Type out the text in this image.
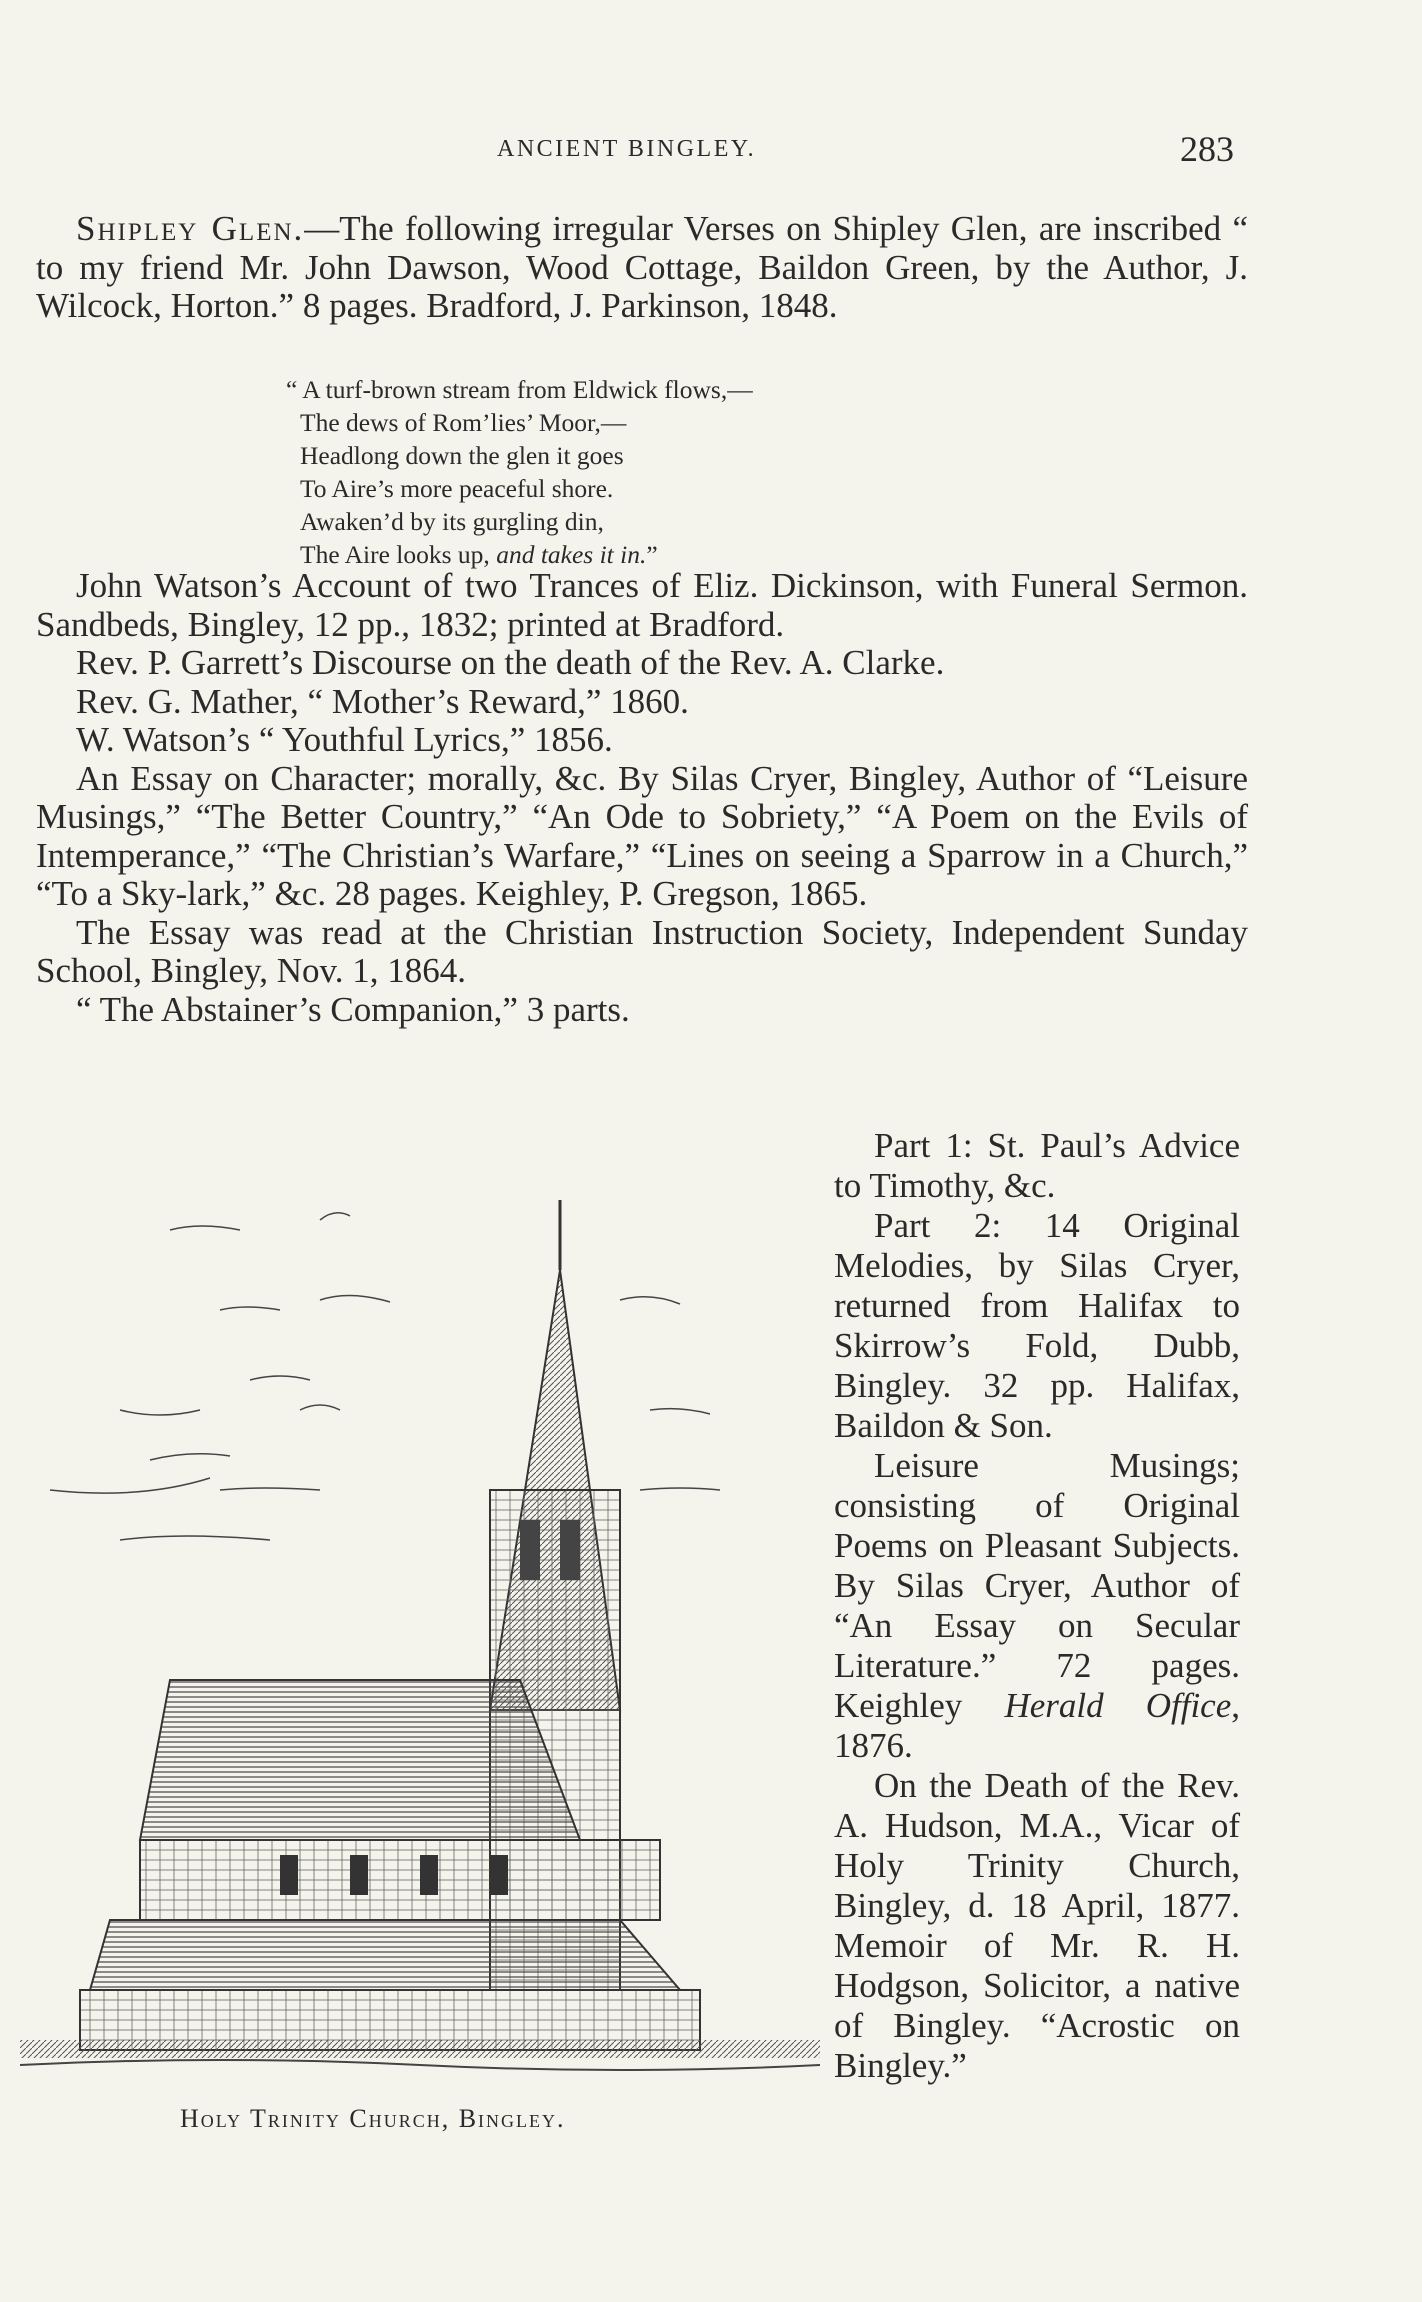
ANCIENT BINGLEY.	283

Shipley Glen.—The following irregular Verses on Shipley Glen, are inscribed “ to my friend Mr. John Dawson, Wood Cottage, Baildon Green, by the Author, J. Wilcock, Horton.” 8 pages. Bradford, J. Parkinson, 1848.

“ A turf-brown stream from Eldwick flows,—
The dews of Rom’lies’ Moor,—
Headlong down the glen it goes
To Aire’s more peaceful shore.
Awaken’d by its gurgling din,
The Aire looks up, and takes it in.”

John Watson’s Account of two Trances of Eliz. Dickinson, with Funeral Sermon. Sandbeds, Bingley, 12 pp., 1832; printed at Bradford.

Rev. P. Garrett’s Discourse on the death of the Rev. A. Clarke.

Rev. G. Mather, “ Mother’s Reward,” 1860.

W. Watson’s “ Youthful Lyrics,” 1856.

An Essay on Character; morally, &c. By Silas Cryer, Bingley, Author of “Leisure Musings,” “The Better Country,” “An Ode to Sobriety,” “A Poem on the Evils of Intemperance,” “The Christian’s Warfare,” “Lines on seeing a Sparrow in a Church,” “To a Sky-lark,” &c. 28 pages. Keighley, P. Gregson, 1865.

The Essay was read at the Christian Instruction Society, Independent Sunday School, Bingley, Nov. 1, 1864.

“ The Abstainer’s Companion,” 3 parts.

Part 1: St. Paul’s Advice to Timothy, &c.

Part 2: 14 Original Melodies, by Silas Cryer, returned from Halifax to Skirrow’s Fold, Dubb, Bingley. 32 pp. Halifax, Baildon & Son.

Leisure Musings; consisting of Original Poems on Pleasant Subjects. By Silas Cryer, Author of “An Essay on Secular Literature.” 72 pages. Keighley Herald Office, 1876.

On the Death of the Rev. A. Hudson, M.A., Vicar of Holy Trinity Church, Bingley, d. 18 April, 1877. Memoir of Mr. R. H. Hodgson, Solicitor, a native of Bingley. “Acrostic on Bingley.”

Holy Trinity Church, Bingley.
